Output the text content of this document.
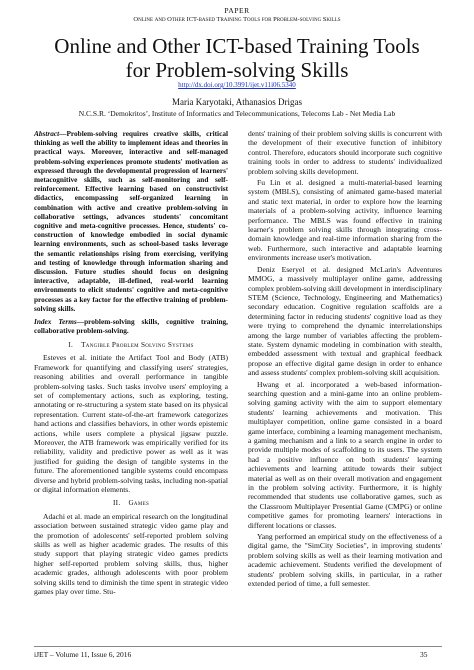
PAPER
Online and Other ICT-based Training Tools for Problem-solving Skills
Online and Other ICT-based Training Tools for Problem-solving Skills
http://dx.doi.org/10.3991/ijet.v11i06.5340
Maria Karyotaki, Athanasios Drigas
N.C.S.R. ‘Demokritos’, Institute of Informatics and Telecommunications, Telecoms Lab - Net Media Lab

Abstract—Problem-solving requires creative skills, critical thinking as well the ability to implement ideas and theories in practical ways. Moreover, interactive and self-managed problem-solving experiences promote students' motivation as expressed through the developmental progression of learners' metacognitive skills, such as self-monitoring and self-reinforcement. Effective learning based on constructivist didactics, encompassing self-organized learning in combination with active and creative problem-solving in collaborative settings, advances students' concomitant cognitive and meta-cognitive processes. Hence, students' co-construction of knowledge embodied in social dynamic learning environments, such as school-based tasks leverage the semantic relationships rising from exercising, verifying and testing of knowledge through information sharing and discussion. Future studies should focus on designing interactive, adaptable, ill-defined, real-world learning environments to elicit students' cognitive and meta-cognitive processes as a key factor for the effective training of problem-solving skills.

Index Terms—problem-solving skills, cognitive training, collaborative problem-solving.

I. Tangible Problem Solving Systems

Esteves et al. initiate the Artifact Tool and Body (ATB) Framework for quantifying and classifying users' strategies, reasoning abilities and overall performance in tangible problem-solving tasks. Such tasks involve users' employing a set of complementary actions, such as exploring, testing, annotating or re-structuring a system state based on its physical representation. Current state-of-the-art framework categorizes hand actions and classifies behaviors, in other words epistemic actions, while users complete a physical jigsaw puzzle. Moreover, the ATB framework was empirically verified for its reliability, validity and predictive power as well as it was justified for guiding the design of tangible systems in the future. The aforementioned tangible systems could encompass diverse and hybrid problem-solving tasks, including non-spatial or digital information elements.

II. Games

Adachi et al. made an empirical research on the longitudinal association between sustained strategic video game play and the promotion of adolescents' self-reported problem solving skills as well as higher academic grades. The results of this study support that playing strategic video games predicts higher self-reported problem solving skills, thus, higher academic grades, although adolescents with poor problem solving skills tend to diminish the time spent in strategic video games play over time. Stu-

dents' training of their problem solving skills is concurrent with the development of their executive function of inhibitory control. Therefore, educators should incorporate such cognitive training tools in order to address to students' individualized problem solving skills development.

Fu Lin et al. designed a multi-material-based learning system (MBLS), consisting of animated game-based material and static text material, in order to explore how the learning materials of a problem-solving activity, influence learning performance. The MBLS was found effective in training learner's problem solving skills through integrating cross-domain knowledge and real-time information sharing from the web. Furthermore, such interactive and adaptable learning environments increase user's motivation.

Deniz Eseryel et al. designed McLarin's Adventures MMOG, a massively multiplayer online game, addressing complex problem-solving skill development in interdisciplinary STEM (Science, Technology, Engineering and Mathematics) secondary education. Cognitive regulation scaffolds are a determining factor in reducing students' cognitive load as they were trying to comprehend the dynamic interrelationships among the large number of variables affecting the problem-state. System dynamic modeling in combination with stealth, embedded assessment with textual and graphical feedback propose an effective digital game design in order to enhance and assess students' complex problem-solving skill acquisition.

Hwang et al. incorporated a web-based information-searching question and a mini-game into an online problem-solving gaming activity with the aim to support elementary students' learning achievements and motivation. This multiplayer competition, online game consisted in a board game interface, combining a learning management mechanism, a gaming mechanism and a link to a search engine in order to provide multiple modes of scaffolding to its users. The system had a positive influence on both students' learning achievements and learning attitude towards their subject material as well as on their overall motivation and engagement in the problem solving activity. Furthermore, it is highly recommended that students use collaborative games, such as the Classroom Multiplayer Presential Game (CMPG) or online competitive games for promoting learners' interactions in different locations or classes.

Yang performed an empirical study on the effectiveness of a digital game, the "SimCity Societies", in improving students' problem solving skills as well as their learning motivation and academic achievement. Students verified the development of students' problem solving skills, in particular, in a rather extended period of time, a full semester.

iJET – Volume 11, Issue 6, 2016	35
